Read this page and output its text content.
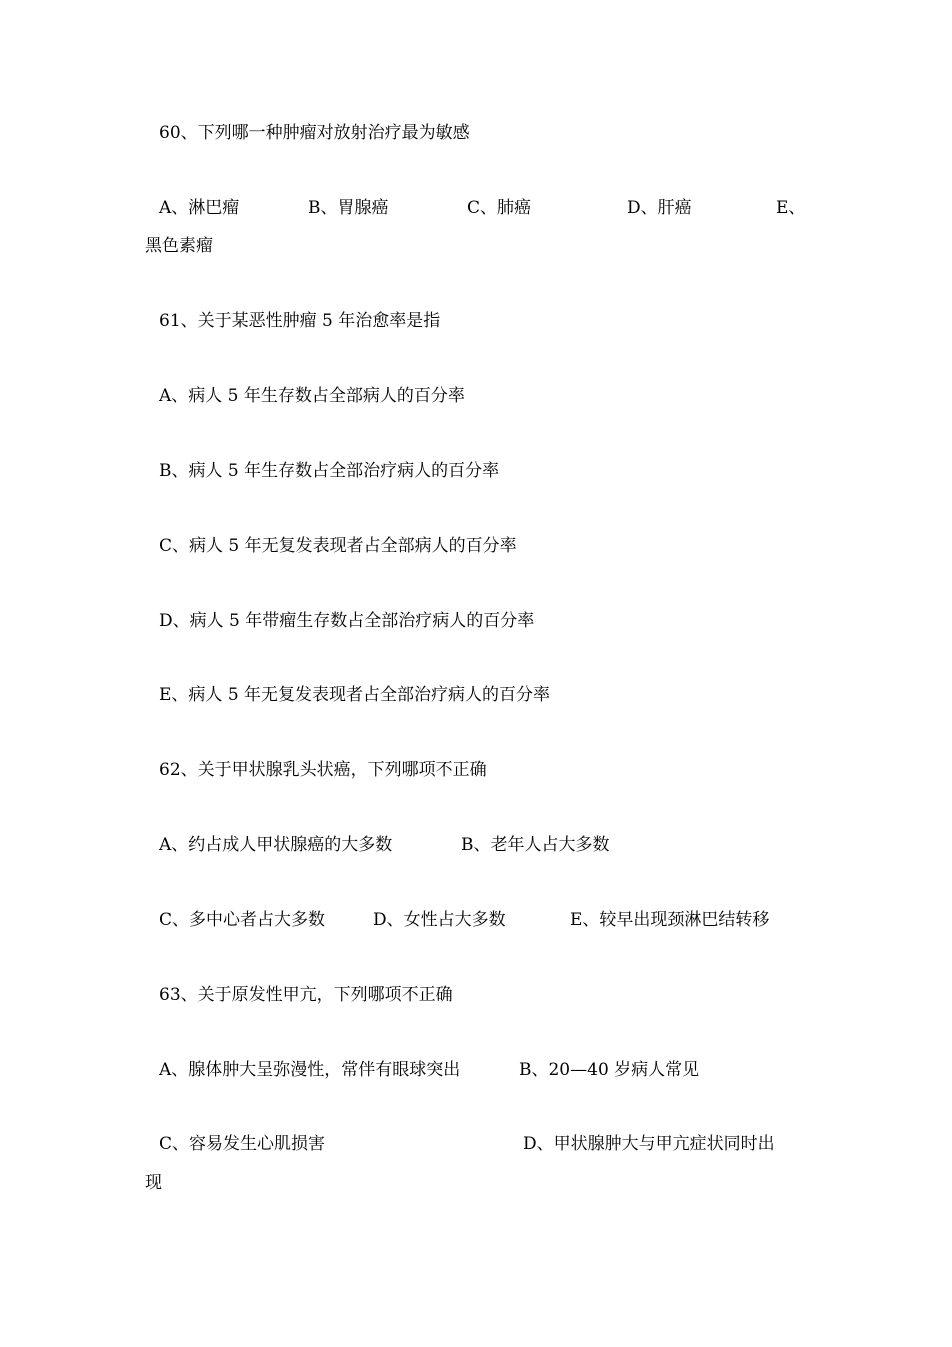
60、下列哪一种肿瘤对放射治疗最为敏感
A、淋巴瘤	B、胃腺癌	C、肺癌	D、肝癌	E、
黑色素瘤
61、关于某恶性肿瘤 5 年治愈率是指
A、病人 5 年生存数占全部病人的百分率
B、病人 5 年生存数占全部治疗病人的百分率
C、病人 5 年无复发表现者占全部病人的百分率
D、病人 5 年带瘤生存数占全部治疗病人的百分率
E、病人 5 年无复发表现者占全部治疗病人的百分率
62、关于甲状腺乳头状癌，下列哪项不正确
A、约占成人甲状腺癌的大多数	B、老年人占大多数
C、多中心者占大多数	D、女性占大多数	E、较早出现颈淋巴结转移
63、关于原发性甲亢，下列哪项不正确
A、腺体肿大呈弥漫性，常伴有眼球突出	B、20—40 岁病人常见
C、容易发生心肌损害	D、甲状腺肿大与甲亢症状同时出
现
